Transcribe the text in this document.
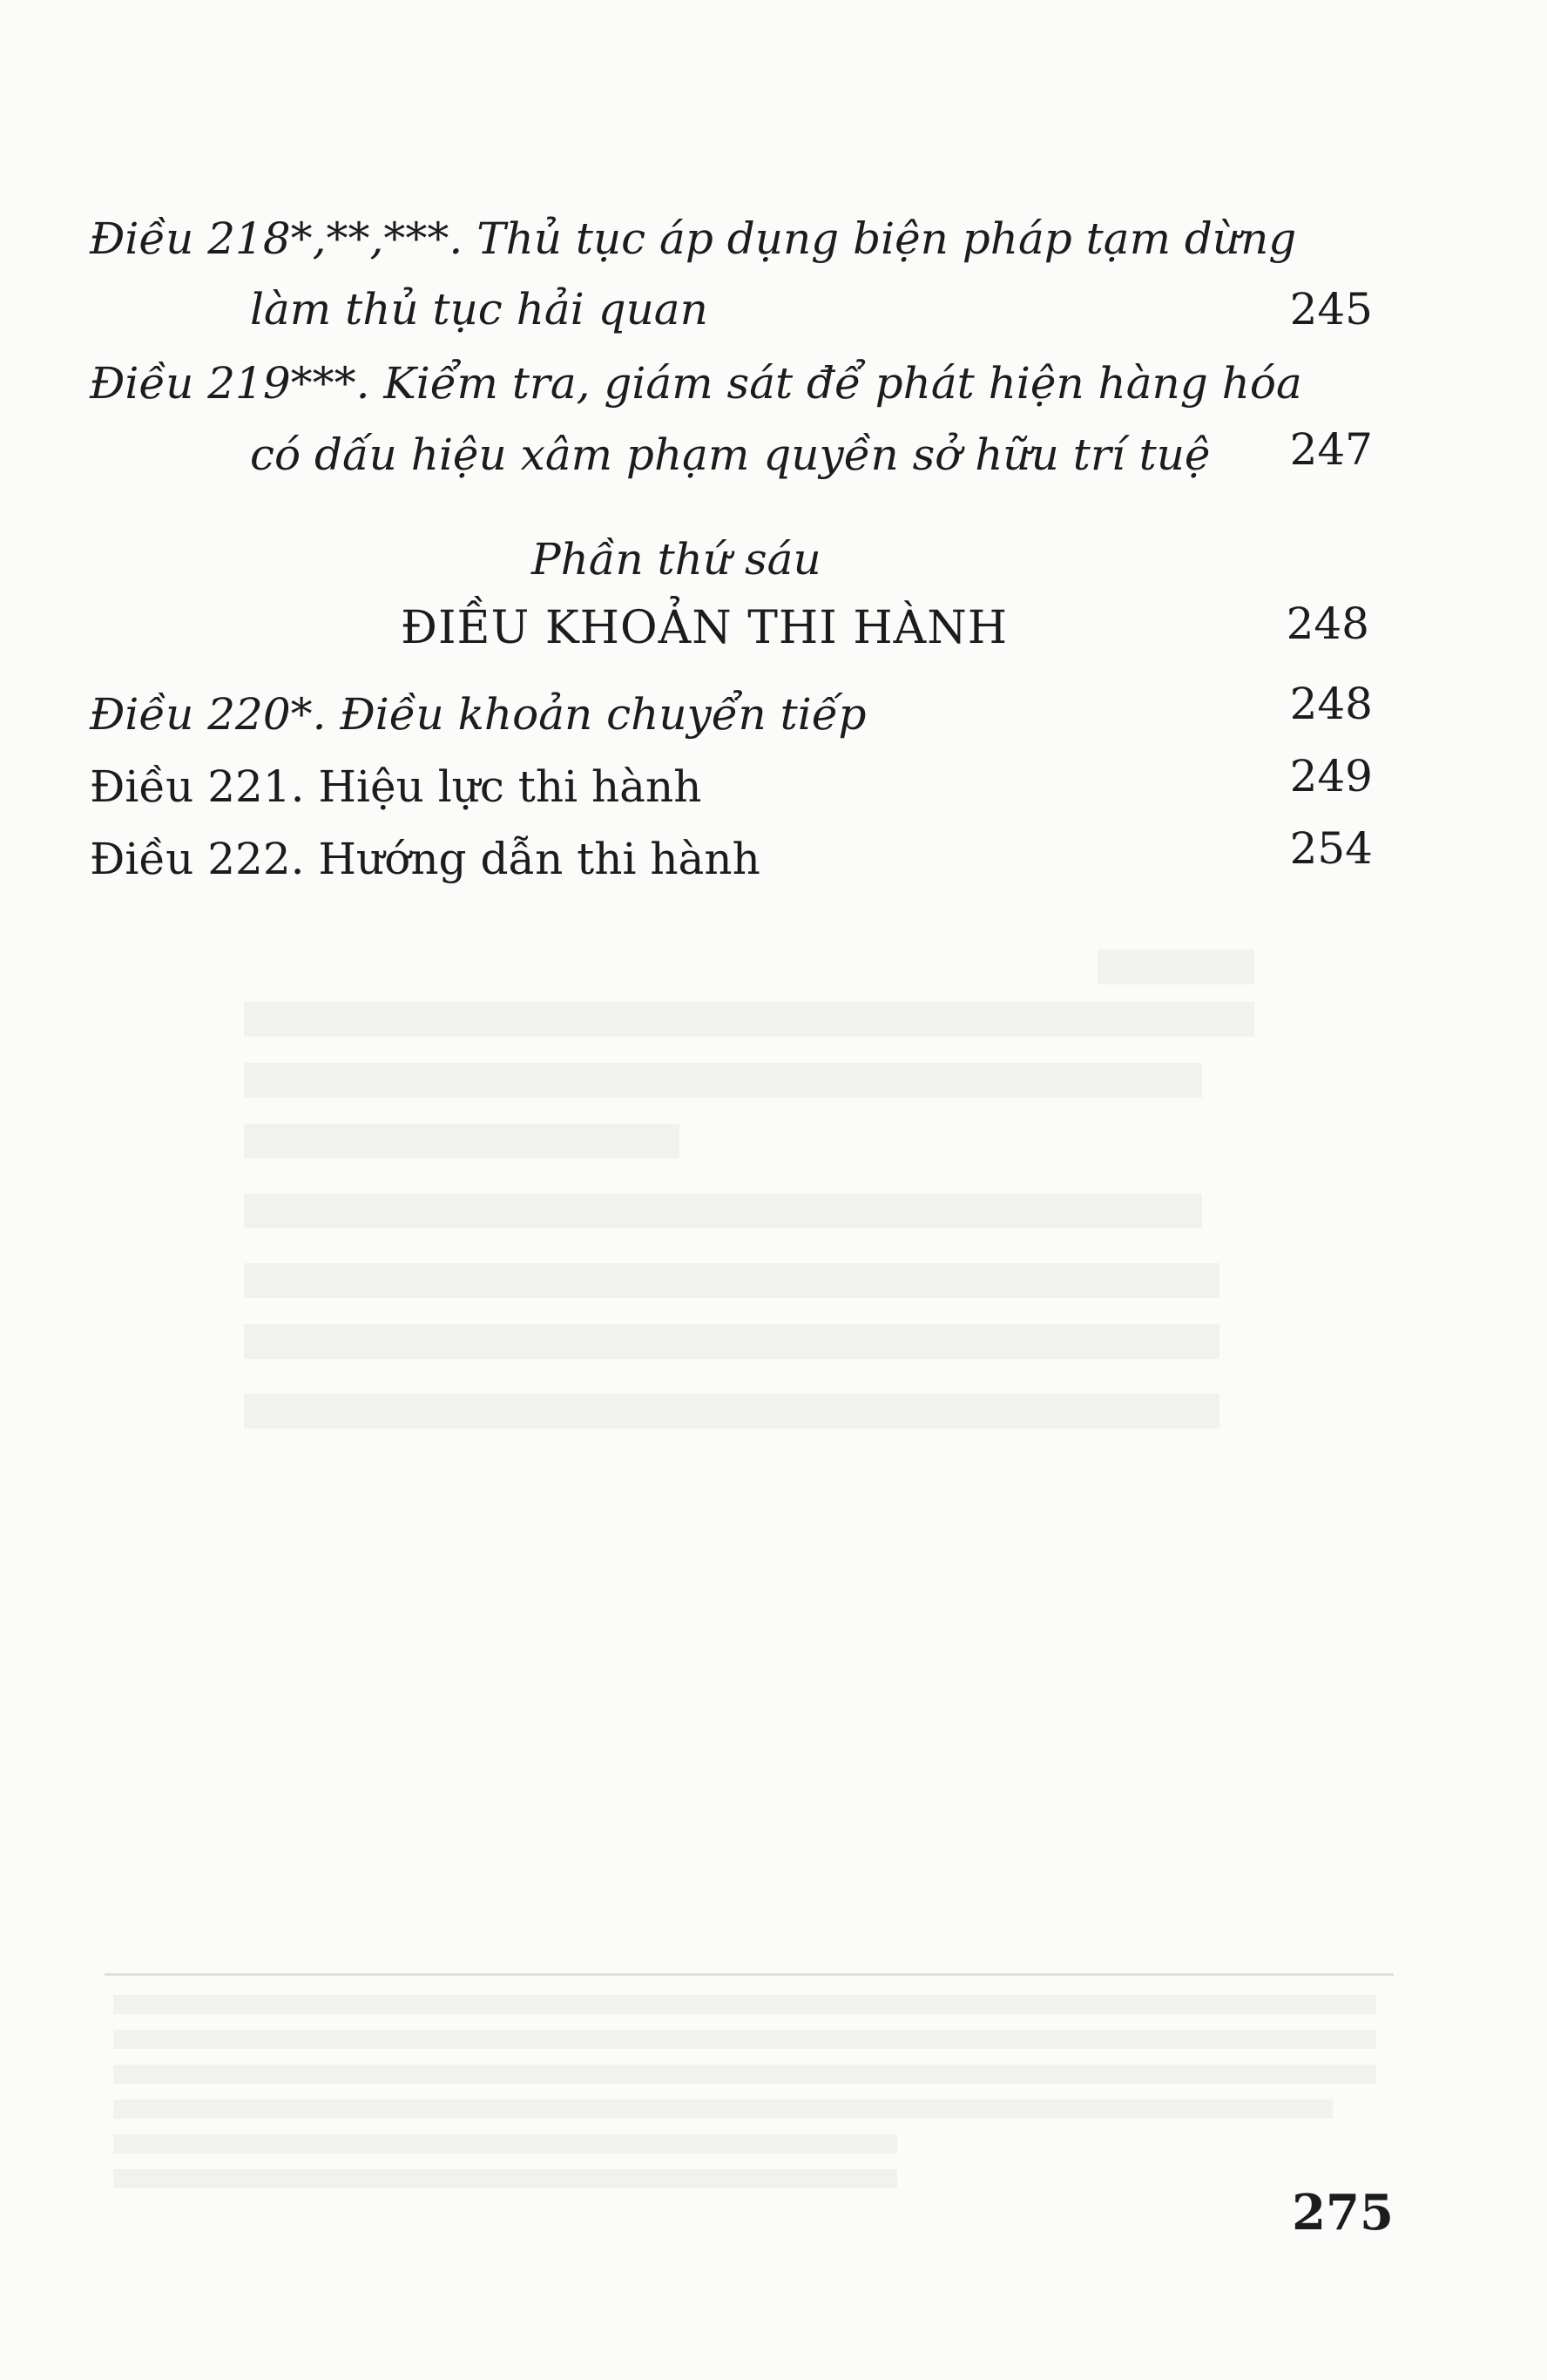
Điều 218*,**,***. Thủ tục áp dụng biện pháp tạm dừng
làm thủ tục hải quan	245
Điều 219***. Kiểm tra, giám sát để phát hiện hàng hóa
có dấu hiệu xâm phạm quyền sở hữu trí tuệ	247
Phần thứ sáu
ĐIỀU KHOẢN THI HÀNH	248
Điều 220*. Điều khoản chuyển tiếp	248
Điều 221. Hiệu lực thi hành	249
Điều 222. Hướng dẫn thi hành	254
275
